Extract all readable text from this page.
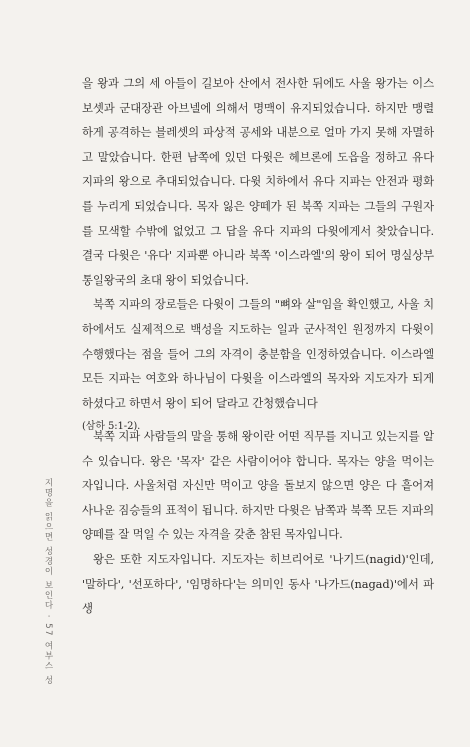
지명을 읽으면 성경이 보인다 · 57 여부스 성

을 왕과 그의 세 아들이 길보아 산에서 전사한 뒤에도 사울 왕가는 이스보셋과 군대장관 아브넬에 의해서 명맥이 유지되었습니다. 하지만 맹렬하게 공격하는 블레셋의 파상적 공세와 내분으로 얼마 가지 못해 자멸하고 말았습니다. 한편 남쪽에 있던 다윗은 헤브론에 도읍을 정하고 유다 지파의 왕으로 추대되었습니다. 다윗 치하에서 유다 지파는 안전과 평화를 누리게 되었습니다. 목자 잃은 양떼가 된 북쪽 지파는 그들의 구원자를 모색할 수밖에 없었고 그 답을 유다 지파의 다윗에게서 찾았습니다. 결국 다윗은 '유다' 지파뿐 아니라 북쪽 '이스라엘'의 왕이 되어 명실상부 통일왕국의 초대 왕이 되었습니다.

북쪽 지파의 장로들은 다윗이 그들의 "뼈와 살"임을 확인했고, 사울 치하에서도 실제적으로 백성을 지도하는 일과 군사적인 원정까지 다윗이 수행했다는 점을 들어 그의 자격이 충분함을 인정하였습니다. 이스라엘 모든 지파는 여호와 하나님이 다윗을 이스라엘의 목자와 지도자가 되게 하셨다고 하면서 왕이 되어 달라고 간청했습니다

(삼하 5:1-2).

북쪽 지파 사람들의 말을 통해 왕이란 어떤 직무를 지니고 있는지를 알 수 있습니다. 왕은 '목자' 같은 사람이어야 합니다. 목자는 양을 먹이는 자입니다. 사울처럼 자신만 먹이고 양을 돌보지 않으면 양은 다 흩어져 사나운 짐승들의 표적이 됩니다. 하지만 다윗은 남쪽과 북쪽 모든 지파의 양떼를 잘 먹일 수 있는 자격을 갖춘 참된 목자입니다.

왕은 또한 지도자입니다. 지도자는 히브리어로 '나기드(nagid)'인데, '말하다', '선포하다', '임명하다'는 의미인 동사 '나가드(nagad)'에서 파생
